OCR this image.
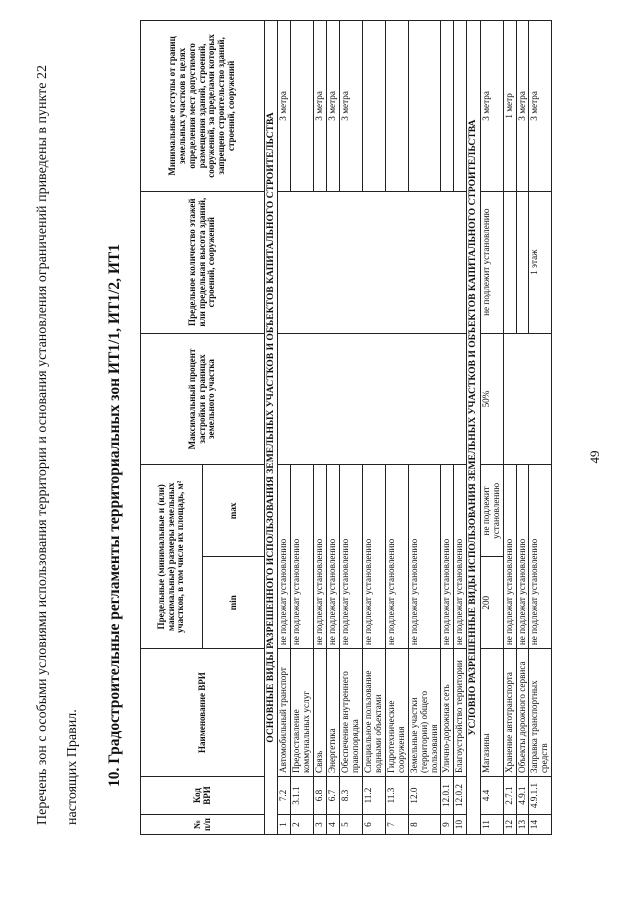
49

Перечень зон с особыми условиями использования территории и основания установления ограничений приведены в пункте 22 настоящих Правил.	10. Градостроительные регламенты территориальных зон ИТ1/1, ИТ1/2, ИТ1
№ п/п	Код ВРИ	Наименование ВРИ	Предельные (минимальные и (или) максимальные) размеры земельных участков, в том числе их площадь, м²		Максимальный процент застройки в границах земельного участка	Предельное количество этажей или предельная высота зданий, строений, сооружений	Минимальные отступы от границ земельных участков в целях определения мест допустимого размещения зданий, строений, сооружений, за пределами которых запрещено строительство зданий, строений, сооружений
			min	max			
ОСНОВНЫЕ ВИДЫ РАЗРЕШЕННОГО ИСПОЛЬЗОВАНИЯ ЗЕМЕЛЬНЫХ УЧАСТКОВ И ОБЪЕКТОВ КАПИТАЛЬНОГО СТРОИТЕЛЬСТВА							
1	7.2	Автомобильный транспорт	не подлежат установлению				3 метра
2	3.1.1	Предоставление коммунальных услуг	не подлежат установлению				
3	6.8	Связь	не подлежат установлению				3 метра
4	6.7	Энергетика	не подлежат установлению				3 метра
5	8.3	Обеспечение внутреннего правопорядка	не подлежат установлению				3 метра
6	11.2	Специальное пользование водными объектами	не подлежат установлению				
7	11.3	Гидротехнические сооружения	не подлежат установлению				
8	12.0	Земельные участки (территории) общего пользования	не подлежат установлению				
9	12.0.1	Улично-дорожная сеть	не подлежат установлению				
10	12.0.2	Благоустройство территории	не подлежат установлению				
УСЛОВНО РАЗРЕШЕННЫЕ ВИДЫ ИСПОЛЬЗОВАНИЯ ЗЕМЕЛЬНЫХ УЧАСТКОВ И ОБЪЕКТОВ КАПИТАЛЬНОГО СТРОИТЕЛЬСТВА							
11	4.4	Магазины	200	не подлежит установлению	50%	не подлежит установлению	3 метра
12	2.7.1	Хранение автотранспорта	не подлежат установлению				1 метр
13	4.9.1	Объекты дорожного сервиса	не подлежат установлению				3 метра
14	4.9.1.1	Заправка транспортных средств	не подлежат установлению			1 этаж	3 метра
